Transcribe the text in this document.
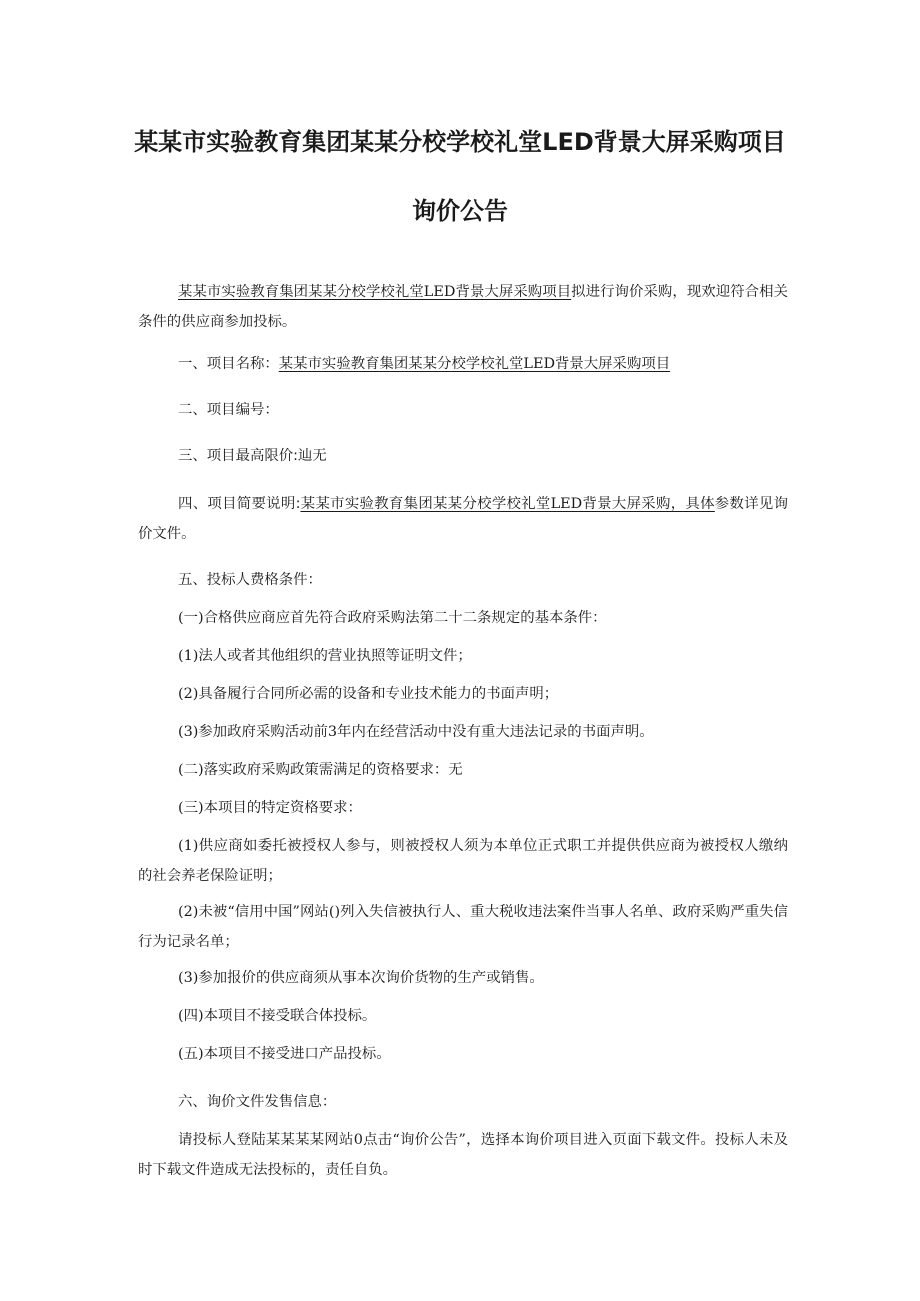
某某市实验教育集团某某分校学校礼堂LED背景大屏采购项目
询价公告
某某市实验教育集团某某分校学校礼堂LED背景大屏采购项目拟进行询价采购，现欢迎符合相关条件的供应商参加投标。
一、项目名称：某某市实验教育集团某某分校学校礼堂LED背景大屏采购项目
二、项目编号：
三、项目最高限价:辿无
四、项目简要说明:某某市实验教育集团某某分校学校礼堂LED背景大屏采购，具体参数详见询价文件。
五、投标人费格条件：
(一)合格供应商应首先符合政府采购法第二十二条规定的基本条件：
(1)法人或者其他组织的营业执照等证明文件；
(2)具备履行合同所必需的设备和专业技术能力的书面声明；
(3)参加政府采购活动前3年内在经营活动中没有重大违法记录的书面声明。
(二)落实政府采购政策需满足的资格要求：无
(三)本项目的特定资格要求：
(1)供应商如委托被授权人参与，则被授权人须为本单位正式职工并提供供应商为被授权人缴纳的社会养老保险证明；
(2)未被“信用中国”网站()列入失信被执行人、重大税收违法案件当事人名单、政府采购严重失信行为记录名单；
(3)参加报价的供应商须从事本次询价货物的生产或销售。
(四)本项目不接受联合体投标。
(五)本项目不接受进口产品投标。
六、询价文件发售信息：
请投标人登陆某某某某网站0点击“询价公告”，选择本询价项目进入页面下载文件。投标人未及时下载文件造成无法投标的，责任自负。
